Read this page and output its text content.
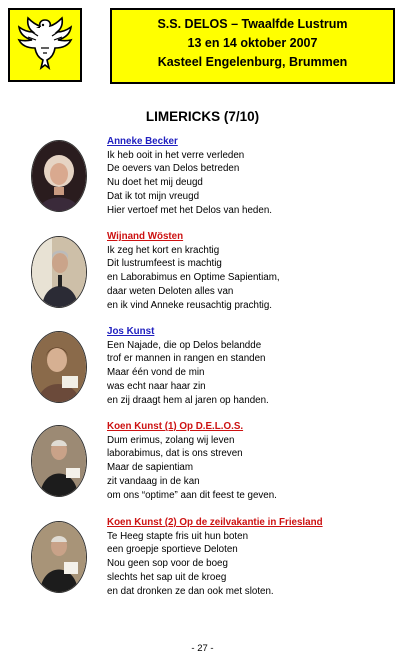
S.S. DELOS – Twaalfde Lustrum
13 en 14 oktober 2007
Kasteel Engelenburg, Brummen
LIMERICKS (7/10)
Anneke Becker
Ik heb ooit in het verre verleden
De oevers van Delos betreden
Nu doet het mij deugd
Dat ik tot mijn vreugd
Hier vertoef met het Delos van heden.
Wijnand Wösten
Ik zeg het kort en krachtig
Dit lustrumfeest is machtig
en Laborabimus en Optime Sapientiam,
daar weten Deloten alles van
en ik vind Anneke reusachtig prachtig.
Jos Kunst
Een Najade, die op Delos belandde
trof er mannen in rangen en standen
Maar één vond de min
was echt naar haar zin
en zij draagt hem al jaren op handen.
Koen Kunst (1) Op D.E.L.O.S.
Dum erimus, zolang wij leven
laborabimus, dat is ons streven
Maar de sapientiam
zit vandaag in de kan
om ons “optime” aan dit feest te geven.
Koen Kunst (2) Op de zeilvakantie in Friesland
Te Heeg stapte fris uit hun boten
een groepje sportieve Deloten
Nou geen sop voor de boeg
slechts het sap uit de kroeg
en dat dronken ze dan ook met sloten.
- 27 -
